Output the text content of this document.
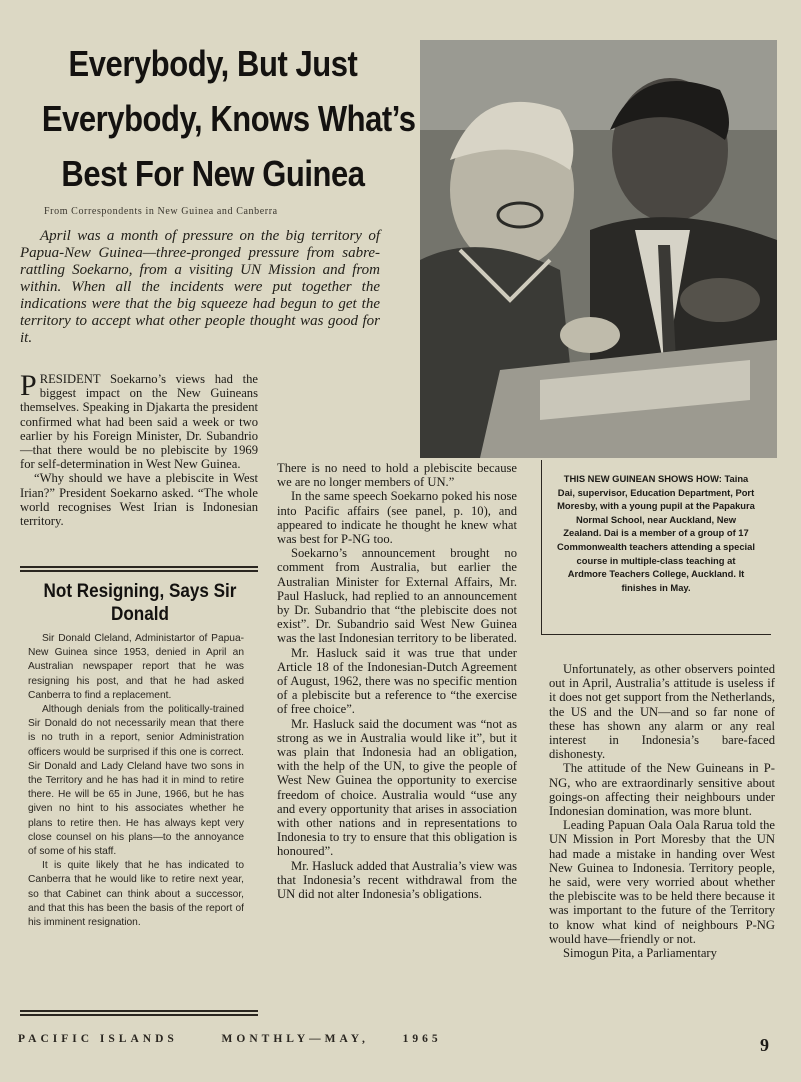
Everybody, But Just
Everybody, Knows What’s
Best For New Guinea
From Correspondents in New Guinea and Canberra
April was a month of pressure on the big territory of Papua-New Guinea—three-pronged pressure from sabre-rattling Soekarno, from a visiting UN Mission and from within. When all the incidents were put together the indications were that the big squeeze had begun to get the territory to accept what other people thought was good for it.

PRESIDENT Soekarno’s views had the biggest impact on the New Guineans themselves. Speaking in Djakarta the president confirmed what had been said a week or two earlier by his Foreign Minister, Dr. Subandrio—that there would be no plebiscite by 1969 for self-determination in West New Guinea.

“Why should we have a plebiscite in West Irian?” President Soekarno asked. “The whole world recognises West Irian is Indonesian territory.

Not Resigning, Says Sir Donald

Sir Donald Cleland, Administartor of Papua-New Guinea since 1953, denied in April an Australian newspaper report that he was resigning his post, and that he had asked Canberra to find a replacement.

Although denials from the politically-trained Sir Donald do not necessarily mean that there is no truth in a report, senior Administration officers would be surprised if this one is correct. Sir Donald and Lady Cleland have two sons in the Territory and he has had it in mind to retire there. He will be 65 in June, 1966, but he has given no hint to his associates whether he plans to retire then. He has always kept very close counsel on his plans—to the annoyance of some of his staff.

It is quite likely that he has indicated to Canberra that he would like to retire next year, so that Cabinet can think about a successor, and that this has been the basis of the report of his imminent resignation.

THIS NEW GUINEAN SHOWS HOW: Taina Dai, supervisor, Education Department, Port Moresby, with a young pupil at the Papakura Normal School, near Auckland, New Zealand. Dai is a member of a group of 17 Commonwealth teachers attending a special course in multiple-class teaching at Ardmore Teachers College, Auckland. It finishes in May.

There is no need to hold a plebiscite because we are no longer members of UN.”

In the same speech Soekarno poked his nose into Pacific affairs (see panel, p. 10), and appeared to indicate he thought he knew what was best for P-NG too.

Soekarno’s announcement brought no comment from Australia, but earlier the Australian Minister for External Affairs, Mr. Paul Hasluck, had replied to an announcement by Dr. Subandrio that “the plebiscite does not exist”. Dr. Subandrio said West New Guinea was the last Indonesian territory to be liberated.

Mr. Hasluck said it was true that under Article 18 of the Indonesian-Dutch Agreement of August, 1962, there was no specific mention of a plebiscite but a reference to “the exercise of free choice”.

Mr. Hasluck said the document was “not as strong as we in Australia would like it”, but it was plain that Indonesia had an obligation, with the help of the UN, to give the people of West New Guinea the opportunity to exercise freedom of choice. Australia would “use any and every opportunity that arises in association with other nations and in representations to Indonesia to try to ensure that this obligation is honoured”.

Mr. Hasluck added that Australia’s view was that Indonesia’s recent withdrawal from the UN did not alter Indonesia’s obligations.

Unfortunately, as other observers pointed out in April, Australia’s attitude is useless if it does not get support from the Netherlands, the US and the UN—and so far none of these has shown any alarm or any real interest in Indonesia’s bare-faced dishonesty.

The attitude of the New Guineans in P-NG, who are extraordinarly sensitive about goings-on affecting their neighbours under Indonesian domination, was more blunt.

Leading Papuan Oala Oala Rarua told the UN Mission in Port Moresby that the UN had made a mistake in handing over West New Guinea to Indonesia. Territory people, he said, were very worried about whether the plebiscite was to be held there because it was important to the future of the Territory to know what kind of neighbours P-NG would have—friendly or not.

Simogun Pita, a Parliamentary

PACIFIC ISLANDS	MONTHLY—MAY,	1965	9
